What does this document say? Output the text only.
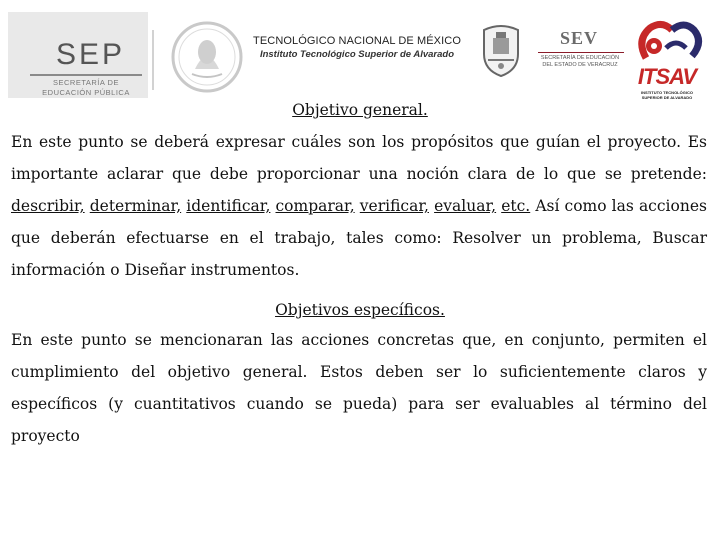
SEP
SECRETARÍA DE
EDUCACIÓN PÚBLICA
TECNOLÓGICO NACIONAL DE MÉXICO
Instituto Tecnológico Superior de Alvarado
SEV
SECRETARÍA DE EDUCACIÓN
DEL ESTADO DE VERACRUZ ITSAV
INSTITUTO TECNOLÓGICO
SUPERIOR DE ALVARADO
Objetivo general.
En este punto se deberá expresar cuáles son los propósitos que guían el proyecto. Es importante aclarar que debe proporcionar una noción clara de lo que se pretende: describir, determinar, identificar, comparar, verificar, evaluar, etc. Así como las acciones que deberán efectuarse en el trabajo, tales como: Resolver un problema, Buscar información o Diseñar instrumentos.
Objetivos específicos.
En este punto se mencionaran las acciones concretas que, en conjunto, permiten el cumplimiento del objetivo general. Estos deben ser lo suficientemente claros y específicos (y cuantitativos cuando se pueda) para ser evaluables al término del proyecto
